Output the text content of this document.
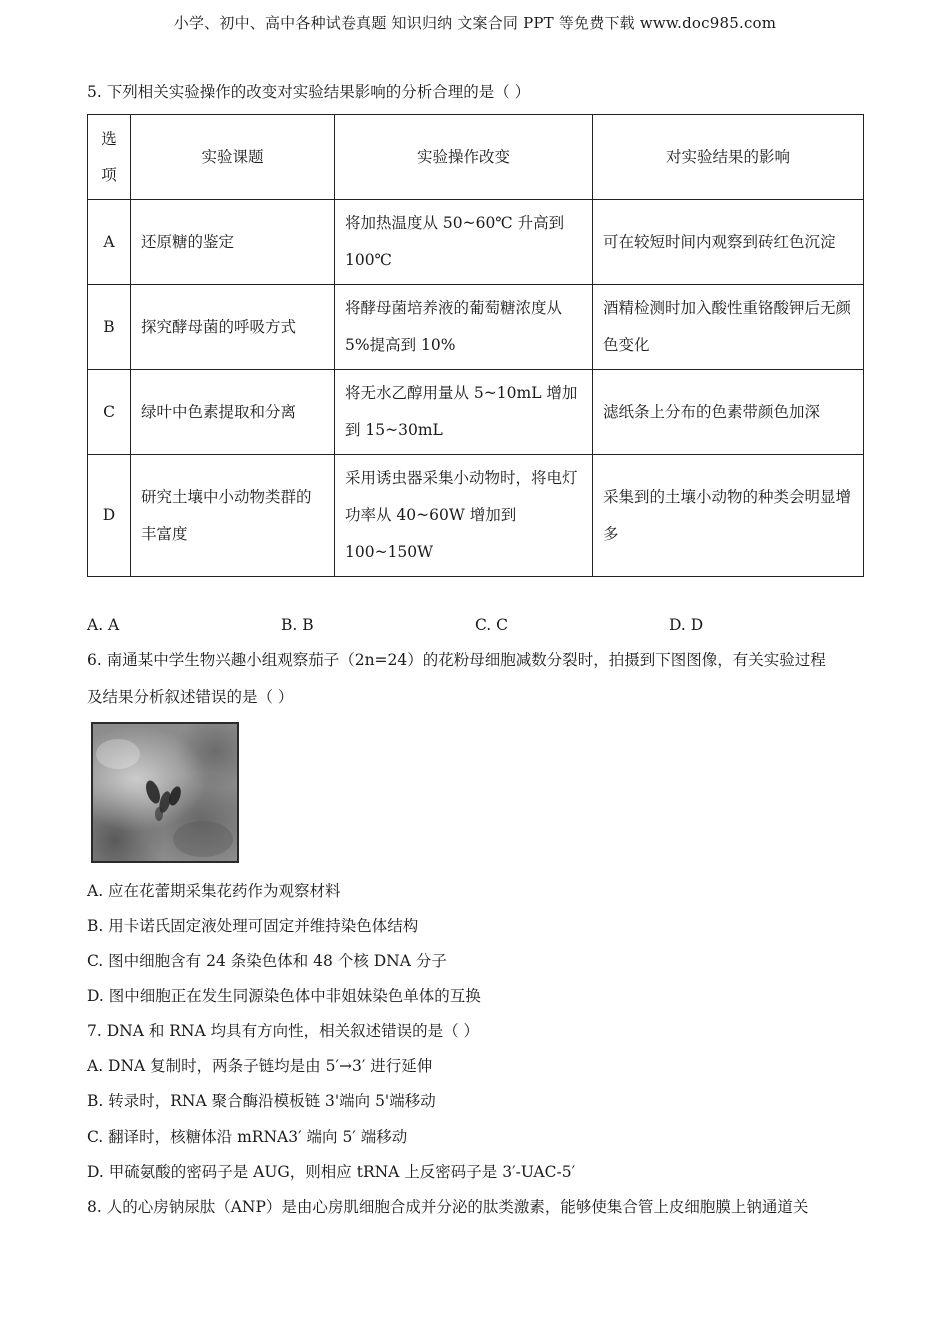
小学、初中、高中各种试卷真题 知识归纳 文案合同 PPT 等免费下载 www.doc985.com
5. 下列相关实验操作的改变对实验结果影响的分析合理的是（ ）
选
项	实验课题	实验操作改变	对实验结果的影响
A	还原糖的鉴定	将加热温度从 50~60℃ 升高到 100℃	可在较短时间内观察到砖红色沉淀
B	探究酵母菌的呼吸方式	将酵母菌培养液的葡萄糖浓度从 5%提高到 10%	酒精检测时加入酸性重铬酸钾后无颜色变化
C	绿叶中色素提取和分离	将无水乙醇用量从 5~10mL 增加到 15~30mL	滤纸条上分布的色素带颜色加深
D	研究土壤中小动物类群的丰富度	采用诱虫器采集小动物时，将电灯功率从 40~60W 增加到 100~150W	采集到的土壤小动物的种类会明显增多
A. A	B. B	C. C	D. D
6. 南通某中学生物兴趣小组观察茄子（2n=24）的花粉母细胞减数分裂时，拍摄到下图图像，有关实验过程
及结果分析叙述错误的是（ ）
A. 应在花蕾期采集花药作为观察材料
B. 用卡诺氏固定液处理可固定并维持染色体结构
C. 图中细胞含有 24 条染色体和 48 个核 DNA 分子
D. 图中细胞正在发生同源染色体中非姐妹染色单体的互换
7. DNA 和 RNA 均具有方向性，相关叙述错误的是（ ）
A. DNA 复制时，两条子链均是由 5′→3′ 进行延伸
B. 转录时，RNA 聚合酶沿模板链 3'端向 5'端移动
C. 翻译时，核糖体沿 mRNA3′ 端向 5′ 端移动
D. 甲硫氨酸的密码子是 AUG，则相应 tRNA 上反密码子是 3′-UAC-5′
8. 人的心房钠尿肽（ANP）是由心房肌细胞合成并分泌的肽类激素，能够使集合管上皮细胞膜上钠通道关
